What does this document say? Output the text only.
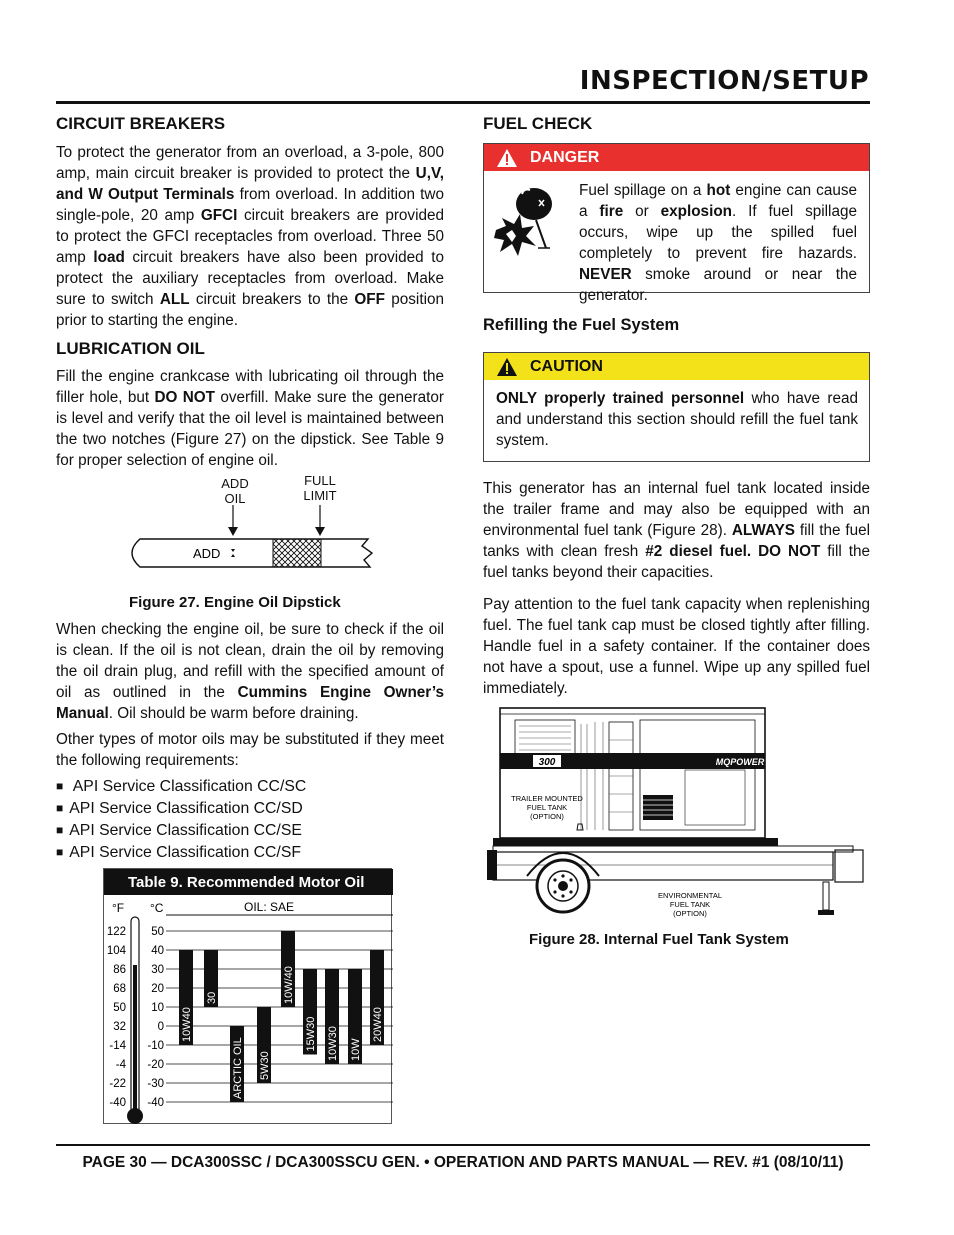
INSPECTION/SETUP
CIRCUIT BREAKERS
To protect the generator from an overload, a 3-pole, 800 amp, main circuit breaker is provided to protect the U,V, and W Output Terminals from overload. In addition two single-pole, 20 amp GFCI circuit breakers are provided to protect the GFCI receptacles from overload. Three 50 amp load circuit breakers have also been provided to protect the auxiliary receptacles from overload. Make sure to switch ALL circuit breakers to the OFF position prior to starting the engine.
LUBRICATION OIL
Fill the engine crankcase with lubricating oil through the filler hole, but DO NOT overfill. Make sure the generator is level and verify that the oil level is maintained between the two notches (Figure 27) on the dipstick. See Table 9 for proper selection of engine oil.
ADD
OIL
FULL
LIMIT
ADD
Figure 27. Engine Oil Dipstick
When checking the engine oil, be sure to check if the oil is clean. If the oil is not clean, drain the oil by removing the oil drain plug, and refill with the specified amount of oil as outlined in the Cummins Engine Owner’s Manual. Oil should be warm before draining.
Other types of motor oils may be substituted if they meet the following requirements:
■ API Service Classification CC/SC
■ API Service Classification CC/SD
■ API Service Classification CC/SE
■ API Service Classification CC/SF
Table 9. Recommended Motor Oil
°F °C	OIL: SAE
122 50
104 40
86 30
68 20
50 10
32	0
-14 -10
-4 -20
-22 -30
-40 -40
10W40
30
ARCTIC OIL 5W30
10W/40
15W30 10W30 10W
20W40
FUEL CHECK
DANGER
Fuel spillage on a hot engine can cause a fire or explosion. If fuel spillage occurs, wipe up the spilled fuel completely to prevent fire hazards. NEVER smoke around or near the generator.
Refilling the Fuel System
CAUTION
ONLY properly trained personnel who have read and understand this section should refill the fuel tank system.
This generator has an internal fuel tank located inside the trailer frame and may also be equipped with an environmental fuel tank (Figure 28). ALWAYS fill the fuel tanks with clean fresh #2 diesel fuel. DO NOT fill the fuel tanks beyond their capacities.
Pay attention to the fuel tank capacity when replenishing fuel. The fuel tank cap must be closed tightly after filling. Handle fuel in a safety container. If the container does not have a spout, use a funnel. Wipe up any spilled fuel immediately.
300	MQPOWER
TRAILER MOUNTED FUEL TANK (OPTION)
ENVIRONMENTAL FUEL TANK (OPTION)
Figure 28. Internal Fuel Tank System
PAGE 30 — DCA300SSC / DCA300SSCU GEN. • OPERATION AND PARTS MANUAL — REV. #1 (08/10/11)
